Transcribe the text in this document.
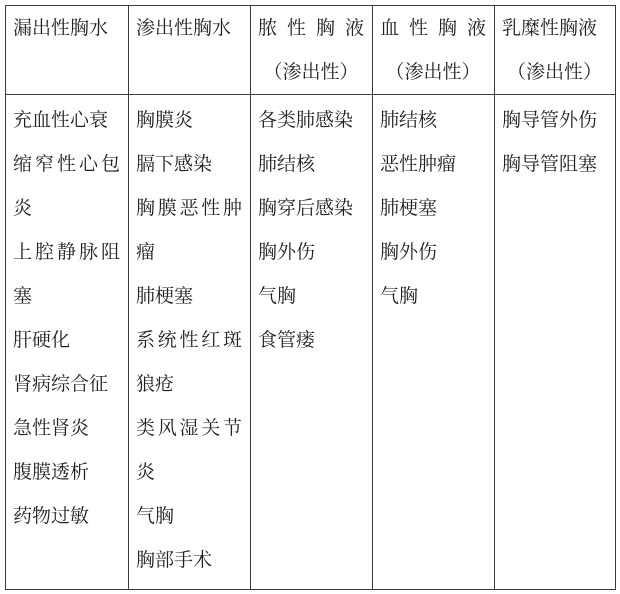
漏出性胸水	渗出性胸水	脓 性 胸 液
（渗出性）
血 性 胸 液
（渗出性）
乳糜性胸液
（渗出性）
充血性心衰
缩窄性心包炎
上腔静脉阻塞
肝硬化
肾病综合征
急性肾炎
腹膜透析
药物过敏
胸膜炎
膈下感染
胸膜恶性肿瘤
肺梗塞
系统性红斑狼疮
类风湿关节炎
气胸
胸部手术
各类肺感染
肺结核
胸穿后感染
胸外伤
气胸
食管瘘
肺结核
恶性肿瘤
肺梗塞
胸外伤
气胸
胸导管外伤
胸导管阻塞
